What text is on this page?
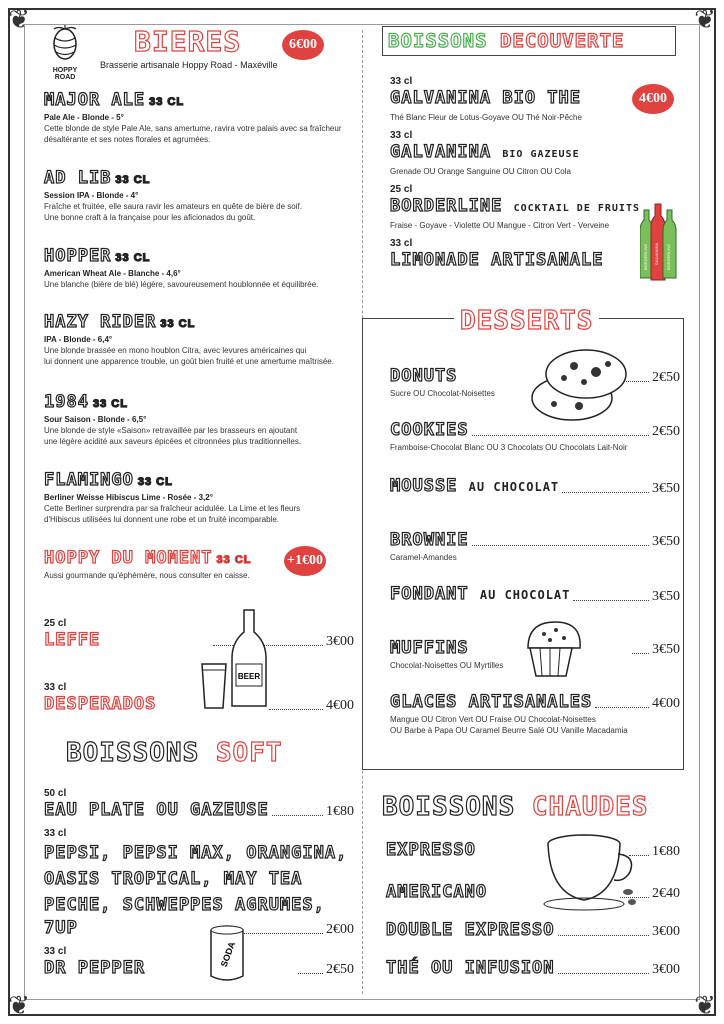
❦	❦
❦	❦
HOPPY ROAD
BIERES	6€00
Brasserie artisanale Hoppy Road - Maxéville
MAJOR ALE 33 CL
Pale Ale - Blonde - 5°
Cette blonde de style Pale Ale, sans amertume, ravira votre palais avec sa fraîcheur
désaltérante et ses notes florales et agrumées.
AD LIB 33 CL
Session IPA - Blonde - 4°
Fraîche et fruitée, elle saura ravir les amateurs en quête de bière de soif.
Une bonne craft à la française pour les aficionados du goût.
HOPPER 33 CL
American Wheat Ale - Blanche - 4,6°
Une blanche (bière de blé) légère, savoureusement houblonnée et équilibrée.
HAZY RIDER 33 CL
IPA - Blonde - 6,4°
Une blonde brassée en mono houblon Citra, avec levures américaines qui
lui donnent une apparence trouble, un goût bien fruité et une amertume maîtrisée.
1984 33 CL
Sour Saison - Blonde - 6,5°
Une blonde de style «Saison» retravaillée par les brasseurs en ajoutant
une légère acidité aux saveurs épicées et citronnées plus traditionnelles.
FLAMINGO 33 CL
Berliner Weisse Hibiscus Lime - Rosée - 3,2°
Cette Berliner surprendra par sa fraîcheur acidulée. La Lime et les fleurs
d'Hibiscus utilisées lui donnent une robe et un fruité incomparable.
HOPPY DU MOMENT 33 CL
Aussi gourmande qu'éphémère, nous consulter en caisse.
+1€00
25 cl
LEFFE	3€00
33 cl
DESPERADOS	4€00
BEER
BOISSONS SOFT
50 cl
EAU PLATE OU GAZEUSE	1€80
33 cl
PEPSI, PEPSI MAX, ORANGINA,
OASIS TROPICAL, MAY TEA
PECHE, SCHWEPPES AGRUMES,
7UP	2€00
33 cl
DR PEPPER	2€50
SODA
BOISSONS DECOUVERTE
4€00
33 cl
GALVANINA BIO THE
Thé Blanc Fleur de Lotus-Goyave OU Thé Noir-Pêche
33 cl
GALVANINA BIO GAZEUSE
Grenade OU Orange Sanguine OU Citron OU Cola
25 cl
BORDERLINE COCKTAIL DE FRUITS
Fraise - Goyave - Violette OU Mangue - Citron Vert - Verveine
33 cl
LIMONADE ARTISANALE	BORDERLINE GALVANINA BORDERLINE
DESSERTS
DONUTS	2€50
Sucre OU Chocolat-Noisettes
COOKIES	2€50
Framboise-Chocolat Blanc OU 3 Chocolats OU Chocolats Lait-Noir
MOUSSE AU CHOCOLAT	3€50
BROWNIE	3€50
Caramel-Amandes
FONDANT AU CHOCOLAT	3€50
MUFFINS	3€50
Chocolat-Noisettes OU Myrtilles
GLACES ARTISANALES	4€00
Mangue OU Citron Vert OU Fraise OU Chocolat-Noisettes
OU Barbe à Papa OU Caramel Beurre Salé OU Vanille Macadamia
BOISSONS CHAUDES
EXPRESSO	1€80
AMERICANO	2€40
DOUBLE EXPRESSO	3€00
THÉ OU INFUSION	3€00
